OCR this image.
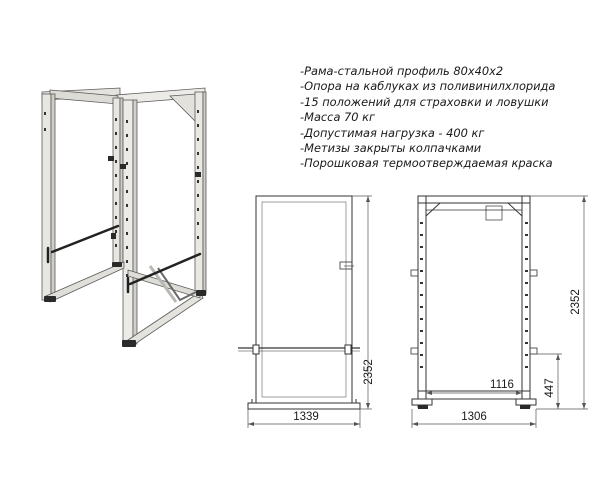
2352
1339
2352
447
1116
1306
-Рама-стальной профиль 80х40х2
-Опора на каблуках из поливинилхлорида
-15 положений для страховки и ловушки
-Масса 70 кг
-Допустимая нагрузка - 400 кг
-Метизы закрыты колпачками
-Порошковая термоотверждаемая краска
